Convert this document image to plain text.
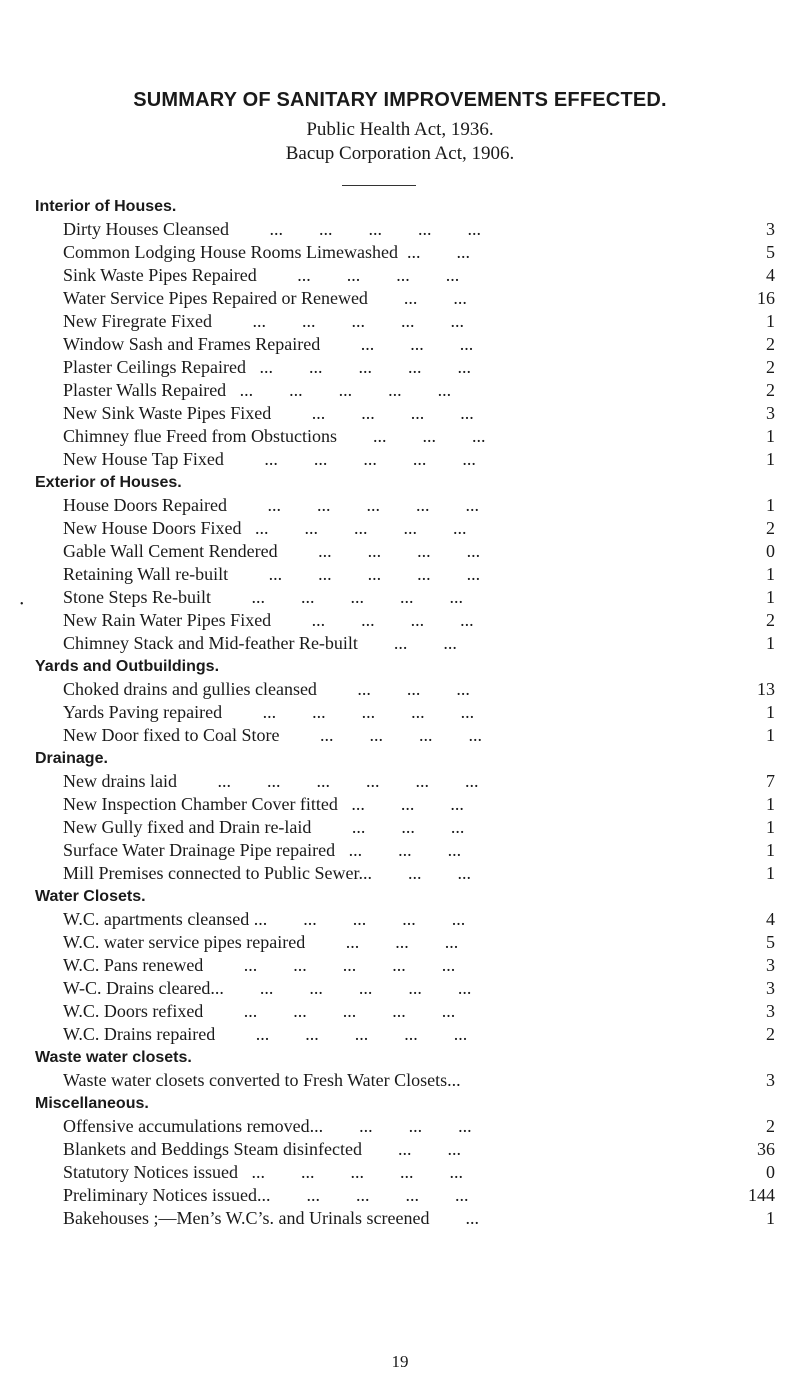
SUMMARY OF SANITARY IMPROVEMENTS EFFECTED.
Public Health Act, 1936.
Bacup Corporation Act, 1906.
•
Interior of Houses.
Dirty Houses Cleansed         ...        ...        ...        ...        ...	3
Common Lodging House Rooms Limewashed  ...        ...	5
Sink Waste Pipes Repaired         ...        ...        ...        ...	4
Water Service Pipes Repaired or Renewed        ...        ...	16
New Firegrate Fixed         ...        ...        ...        ...        ...	1
Window Sash and Frames Repaired         ...        ...        ...	2
Plaster Ceilings Repaired   ...        ...        ...        ...        ...	2
Plaster Walls Repaired   ...        ...        ...        ...        ...	2
New Sink Waste Pipes Fixed         ...        ...        ...        ...	3
Chimney flue Freed from Obstuctions        ...        ...        ...	1
New House Tap Fixed         ...        ...        ...        ...        ...	1
Exterior of Houses.
House Doors Repaired         ...        ...        ...        ...        ...	1
New House Doors Fixed   ...        ...        ...        ...        ...	2
Gable Wall Cement Rendered         ...        ...        ...        ...	0
Retaining Wall re-built         ...        ...        ...        ...        ...	1
Stone Steps Re-built         ...        ...        ...        ...        ...	1
New Rain Water Pipes Fixed         ...        ...        ...        ...	2
Chimney Stack and Mid-feather Re-built        ...        ...	1
Yards and Outbuildings.
Choked drains and gullies cleansed         ...        ...        ...	13
Yards Paving repaired         ...        ...        ...        ...        ...	1
New Door fixed to Coal Store         ...        ...        ...        ...	1
Drainage.
New drains laid         ...        ...        ...        ...        ...        ...	7
New Inspection Chamber Cover fitted   ...        ...        ...	1
New Gully fixed and Drain re-laid         ...        ...        ...	1
Surface Water Drainage Pipe repaired   ...        ...        ...	1
Mill Premises connected to Public Sewer...        ...        ...	1
Water Closets.
W.C. apartments cleansed ...        ...        ...        ...        ...	4
W.C. water service pipes repaired         ...        ...        ...	5
W.C. Pans renewed         ...        ...        ...        ...        ...	3
W-C. Drains cleared...        ...        ...        ...        ...        ...	3
W.C. Doors refixed         ...        ...        ...        ...        ...	3
W.C. Drains repaired         ...        ...        ...        ...        ...	2
Waste water closets.
Waste water closets converted to Fresh Water Closets...	3
Miscellaneous.
Offensive accumulations removed...        ...        ...        ...	2
Blankets and Beddings Steam disinfected        ...        ...	36
Statutory Notices issued   ...        ...        ...        ...        ...	0
Preliminary Notices issued...        ...        ...        ...        ...	144
Bakehouses ;—Men’s W.C’s. and Urinals screened        ...	1
19
